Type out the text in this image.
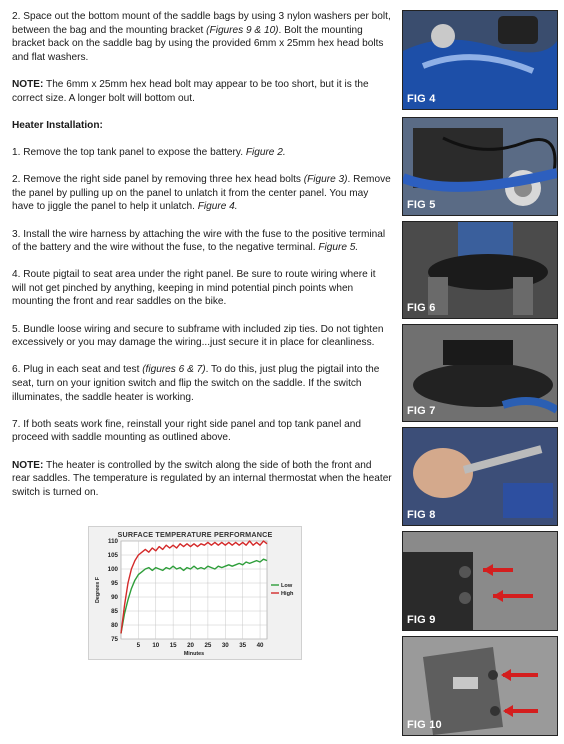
2. Space out the bottom mount of the saddle bags by using 3 nylon washers per bolt, between the bag and the mounting bracket (Figures 9 & 10). Bolt the mounting bracket back on the saddle bag by using the provided 6mm x 25mm hex head bolts and flat washers.

NOTE: The 6mm x 25mm hex head bolt may appear to be too short, but it is the correct size. A longer bolt will bottom out.

Heater Installation:

1. Remove the top tank panel to expose the battery. Figure 2.

2. Remove the right side panel by removing three hex head bolts (Figure 3). Remove the panel by pulling up on the panel to unlatch it from the center panel. You may have to jiggle the panel to help it unlatch. Figure 4.

3. Install the wire harness by attaching the wire with the fuse to the positive terminal of the battery and the wire without the fuse, to the negative terminal. Figure 5.

4. Route pigtail to seat area under the right panel. Be sure to route wiring where it will not get pinched by anything, keeping in mind potential pinch points when mounting the front and rear saddles on the bike.

5. Bundle loose wiring and secure to subframe with included zip ties. Do not tighten excessively or you may damage the wiring...just secure it in place for cleanliness.

6. Plug in each seat and test (figures 6 & 7). To do this, just plug the pigtail into the seat, turn on your ignition switch and flip the switch on the saddle. If the switch illuminates, the saddle heater is working.

7. If both seats work fine, reinstall your right side panel and top tank panel and proceed with saddle mounting as outlined above.

NOTE: The heater is controlled by the switch along the side of both the front and rear saddles. The temperature is regulated by an internal thermostat when the heater switch is turned on.

SURFACE TEMPERATURE PERFORMANCE
75
80
85
90
95
100
105
110
5 10 15 20 25 30 35 40
Minutes
Degrees F	Low
High
FIG 4
FIG 5
FIG 6
FIG 7
FIG 8
FIG 9
FIG 10
